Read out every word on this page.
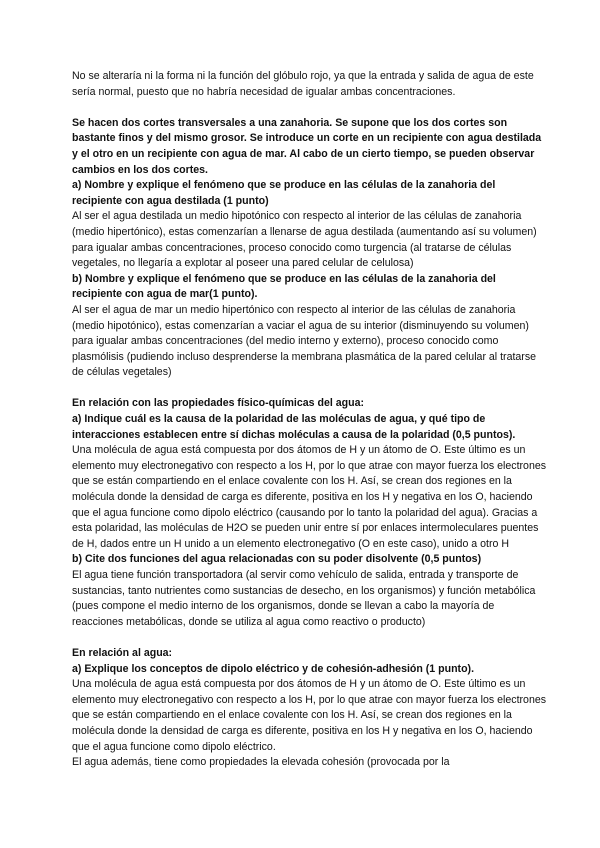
No se alteraría ni la forma ni la función del glóbulo rojo, ya que la entrada y salida de agua de este sería normal, puesto que no habría necesidad de igualar ambas concentraciones.

Se hacen dos cortes transversales a una zanahoria. Se supone que los dos cortes son bastante finos y del mismo grosor. Se introduce un corte en un recipiente con agua destilada y el otro en un recipiente con agua de mar. Al cabo de un cierto tiempo, se pueden observar cambios en los dos cortes.

a) Nombre y explique el fenómeno que se produce en las células de la zanahoria del recipiente con agua destilada (1 punto)

Al ser el agua destilada un medio hipotónico con respecto al interior de las células de zanahoria (medio hipertónico), estas comenzarían a llenarse de agua destilada (aumentando así su volumen) para igualar ambas concentraciones, proceso conocido como turgencia (al tratarse de células vegetales, no llegaría a explotar al poseer una pared celular de celulosa)

b) Nombre y explique el fenómeno que se produce en las células de la zanahoria del recipiente con agua de mar(1 punto).

Al ser el agua de mar un medio hipertónico con respecto al interior de las células de zanahoria (medio hipotónico), estas comenzarían a vaciar el agua de su interior (disminuyendo su volumen) para igualar ambas concentraciones (del medio interno y externo), proceso conocido como plasmólisis (pudiendo incluso desprenderse la membrana plasmática de la pared celular al tratarse de células vegetales)

En relación con las propiedades físico-químicas del agua:

a) Indique cuál es la causa de la polaridad de las moléculas de agua, y qué tipo de interacciones establecen entre sí dichas moléculas a causa de la polaridad (0,5 puntos).

Una molécula de agua está compuesta por dos átomos de H y un átomo de O. Este último es un elemento muy electronegativo con respecto a los H, por lo que atrae con mayor fuerza los electrones que se están compartiendo en el enlace covalente con los H. Así, se crean dos regiones en la molécula donde la densidad de carga es diferente, positiva en los H y negativa en los O, haciendo que el agua funcione como dipolo eléctrico (causando por lo tanto la polaridad del agua). Gracias a esta polaridad, las moléculas de H2O se pueden unir entre sí por enlaces intermoleculares puentes de H, dados entre un H unido a un elemento electronegativo (O en este caso), unido a otro H

b) Cite dos funciones del agua relacionadas con su poder disolvente (0,5 puntos)

El agua tiene función transportadora (al servir como vehículo de salida, entrada y transporte de sustancias, tanto nutrientes como sustancias de desecho, en los organismos) y función metabólica (pues compone el medio interno de los organismos, donde se llevan a cabo la mayoría de reacciones metabólicas, donde se utiliza al agua como reactivo o producto)

En relación al agua:

a) Explique los conceptos de dipolo eléctrico y de cohesión-adhesión (1 punto).

Una molécula de agua está compuesta por dos átomos de H y un átomo de O. Este último es un elemento muy electronegativo con respecto a los H, por lo que atrae con mayor fuerza los electrones que se están compartiendo en el enlace covalente con los H. Así, se crean dos regiones en la molécula donde la densidad de carga es diferente, positiva en los H y negativa en los O, haciendo que el agua funcione como dipolo eléctrico.

El agua además, tiene como propiedades la elevada cohesión (provocada por la
